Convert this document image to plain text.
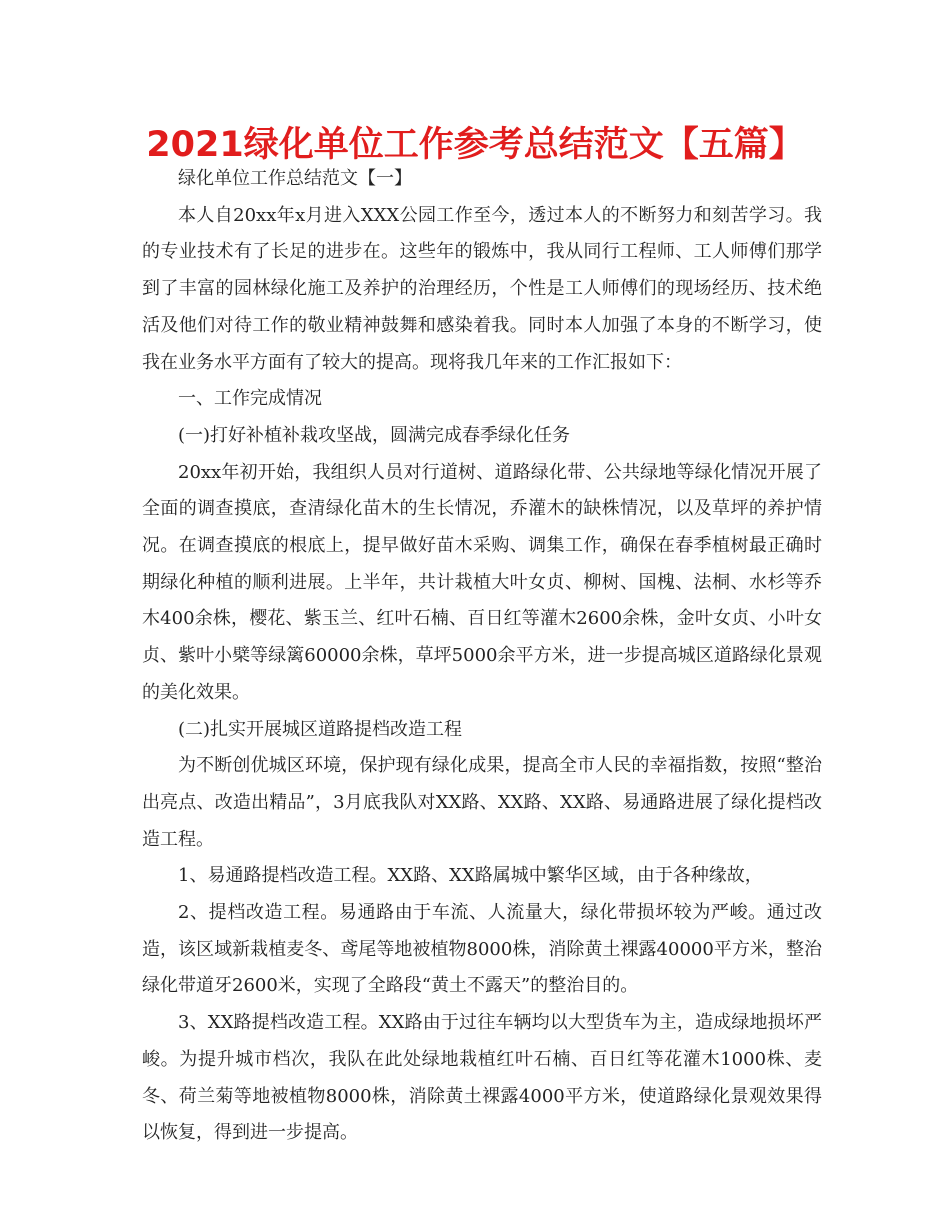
2021绿化单位工作参考总结范文【五篇】

绿化单位工作总结范文【一】

本人自20xx年x月进入XXX公园工作至今，透过本人的不断努力和刻苦学习。我的专业技术有了长足的进步在。这些年的锻炼中，我从同行工程师、工人师傅们那学到了丰富的园林绿化施工及养护的治理经历，个性是工人师傅们的现场经历、技术绝活及他们对待工作的敬业精神鼓舞和感染着我。同时本人加强了本身的不断学习，使我在业务水平方面有了较大的提高。现将我几年来的工作汇报如下：

一、工作完成情况

(一)打好补植补栽攻坚战，圆满完成春季绿化任务

20xx年初开始，我组织人员对行道树、道路绿化带、公共绿地等绿化情况开展了全面的调查摸底，查清绿化苗木的生长情况，乔灌木的缺株情况，以及草坪的养护情况。在调查摸底的根底上，提早做好苗木采购、调集工作，确保在春季植树最正确时期绿化种植的顺利进展。上半年，共计栽植大叶女贞、柳树、国槐、法桐、水杉等乔木400余株，樱花、紫玉兰、红叶石楠、百日红等灌木2600余株，金叶女贞、小叶女贞、紫叶小檗等绿篱60000余株，草坪5000余平方米，进一步提高城区道路绿化景观的美化效果。

(二)扎实开展城区道路提档改造工程

为不断创优城区环境，保护现有绿化成果，提高全市人民的幸福指数，按照“整治出亮点、改造出精品”，3月底我队对XX路、XX路、XX路、易通路进展了绿化提档改造工程。

1、易通路提档改造工程。XX路、XX路属城中繁华区域，由于各种缘故，

2、提档改造工程。易通路由于车流、人流量大，绿化带损坏较为严峻。通过改造，该区域新栽植麦冬、鸢尾等地被植物8000株，消除黄土裸露40000平方米，整治绿化带道牙2600米，实现了全路段“黄土不露天”的整治目的。

3、XX路提档改造工程。XX路由于过往车辆均以大型货车为主，造成绿地损坏严峻。为提升城市档次，我队在此处绿地栽植红叶石楠、百日红等花灌木1000株、麦冬、荷兰菊等地被植物8000株，消除黄土裸露4000平方米，使道路绿化景观效果得以恢复，得到进一步提高。
